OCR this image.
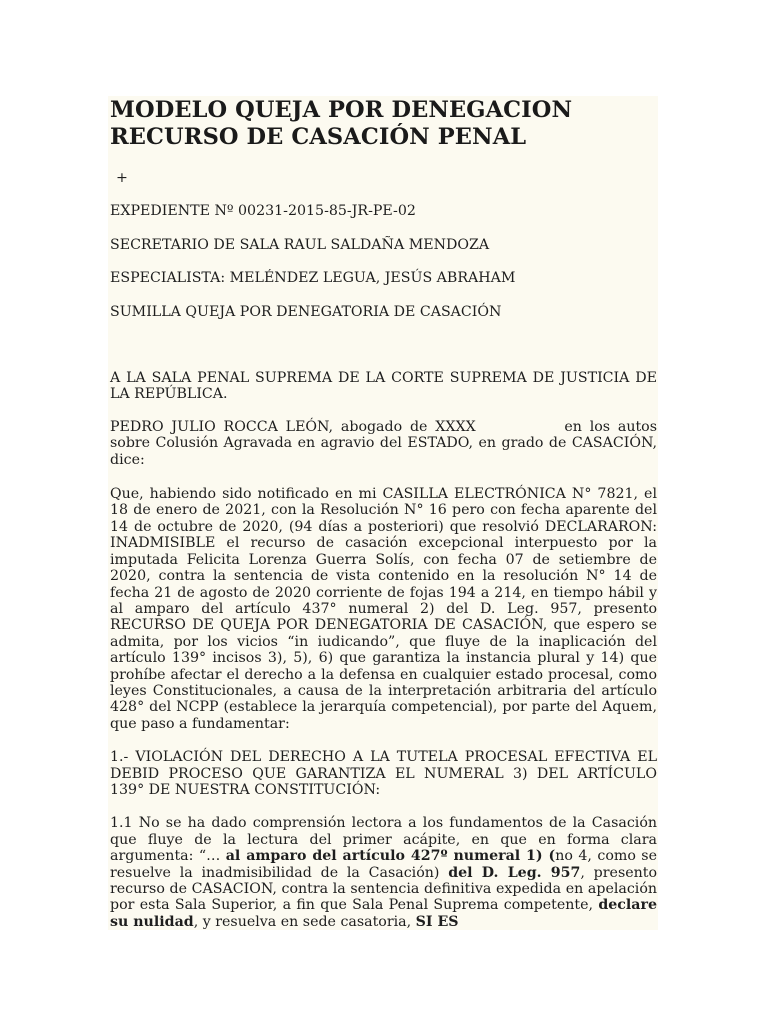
MODELO QUEJA POR DENEGACION
RECURSO DE CASACIÓN PENAL

+

EXPEDIENTE Nº 00231-2015-85-JR-PE-02

SECRETARIO DE SALA RAUL SALDAÑA MENDOZA

ESPECIALISTA: MELÉNDEZ LEGUA, JESÚS ABRAHAM

SUMILLA QUEJA POR DENEGATORIA DE CASACIÓN

A LA SALA PENAL SUPREMA DE LA CORTE SUPREMA DE JUSTICIA DE LA REPÚBLICA.

PEDRO JULIO ROCCA LEÓN, abogado de XXXX	en los autos sobre Colusión Agravada en agravio del ESTADO, en grado de CASACIÓN, dice:

Que, habiendo sido notificado en mi CASILLA ELECTRÓNICA N° 7821, el 18 de enero de 2021, con la Resolución N° 16 pero con fecha aparente del 14 de octubre de 2020, (94 días a posteriori) que resolvió DECLARARON: INADMISIBLE el recurso de casación excepcional interpuesto por la imputada Felicita Lorenza Guerra Solís, con fecha 07 de setiembre de 2020, contra la sentencia de vista contenido en la resolución N° 14 de fecha 21 de agosto de 2020 corriente de fojas 194 a 214, en tiempo hábil y al amparo del artículo 437° numeral 2) del D. Leg. 957, presento RECURSO DE QUEJA POR DENEGATORIA DE CASACIÓN, que espero se admita, por los vicios “in iudicando”, que fluye de la inaplicación del artículo 139° incisos 3), 5), 6) que garantiza la instancia plural y 14) que prohíbe afectar el derecho a la defensa en cualquier estado procesal, como leyes Constitucionales, a causa de la interpretación arbitraria del artículo 428° del NCPP (establece la jerarquía competencial), por parte del Aquem, que paso a fundamentar:

1.- VIOLACIÓN DEL DERECHO A LA TUTELA PROCESAL EFECTIVA EL DEBID PROCESO QUE GARANTIZA EL NUMERAL 3) DEL ARTÍCULO 139° DE NUESTRA CONSTITUCIÓN:

1.1 No se ha dado comprensión lectora a los fundamentos de la Casación que fluye de la lectura del primer acápite, en que en forma clara argumenta: “… al amparo del artículo 427º numeral 1) (no 4, como se resuelve la inadmisibilidad de la Casación) del D. Leg. 957, presento recurso de CASACION, contra la sentencia definitiva expedida en apelación por esta Sala Superior, a fin que Sala Penal Suprema competente, declare su nulidad, y resuelva en sede casatoria, SI ES
